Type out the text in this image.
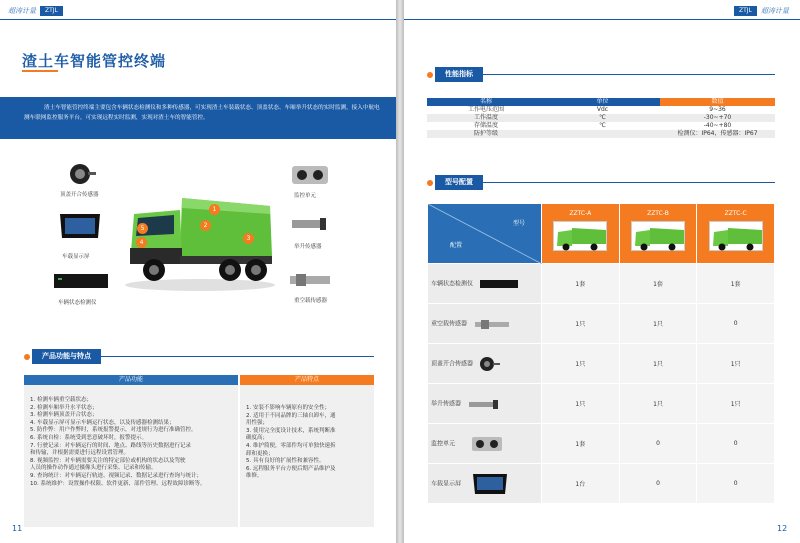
超涛计量	ZTJL
渣土车智能管控终端
渣土车智能管控终端主要包含车辆状态检测仪和多种传感器，可实现渣土车装载状态、顶盖状态、车厢举升状态的实时监测，接入中航电测车联网监控服务平台，可实现远程实时监测，实现对渣土车的智能管控。
顶盖开合传感器
车载显示屏
车辆状态检测仪
1
2
3
4
5
监控单元
举升传感器
重空载传感器
产品功能与特点
产品功能	产品特点
1. 检测车辆重空载状态；
2. 检测车厢举升水平状态；
3. 检测车辆顶盖开合状态；
4. 车载显示屏可显示车辆运行状态，以及传感器检测结果；
5. 防作弊：用户作弊时，系统报警提示，对违规行为进行准确管控。
6. 系统自检：系统受到恶意破坏时，报警提示。
7. 行驶记录：对车辆运行的时间、地点、路线等历史数据进行记录
和传输，并根据需要进行远程设置管理。
8. 视频监控：对车辆需要关注的特定部位或机构的状态以及驾驶
人员的操作动作通过摄像头进行采集、记录和传输。
9. 查询统计：对车辆运行轨迹、视频记录、数据记录进行查询与统计；
10. 系统维护：设置操作权限、软件更新、部件管理、远程故障诊断等。
1. 安装不影响车辆原有的安全性；
2. 适用于不同品牌的三轴自卸车，通
用性强；
3. 使用完全度设计技术，系统判断准
确度高；
4. 维护简便，零部件均可单独快速拆
卸和更换；
5. 具有良好的扩展性和兼容性。
6. 远程服务平台方便后期产品维护及
维修。
11
ZTJL	超涛计量
性能指标
名称	单位	数值
工作电压范围	Vdc	9~36
工作温度	℃	-30~+70
存储温度	℃	-40~+80
防护等级		检测仪：IP64，传感器：IP67
型号配置
型号
配置	ZZTC-A	ZZTC-B	ZZTC-C

车辆状态检测仪	1套	1套	1套
重空载传感器	1只	1只	0
顶盖开合传感器	1只	1只	1只
举升传感器	1只	1只	1只
监控单元	1套	0	0
车载显示屏	1台	0	0
12
